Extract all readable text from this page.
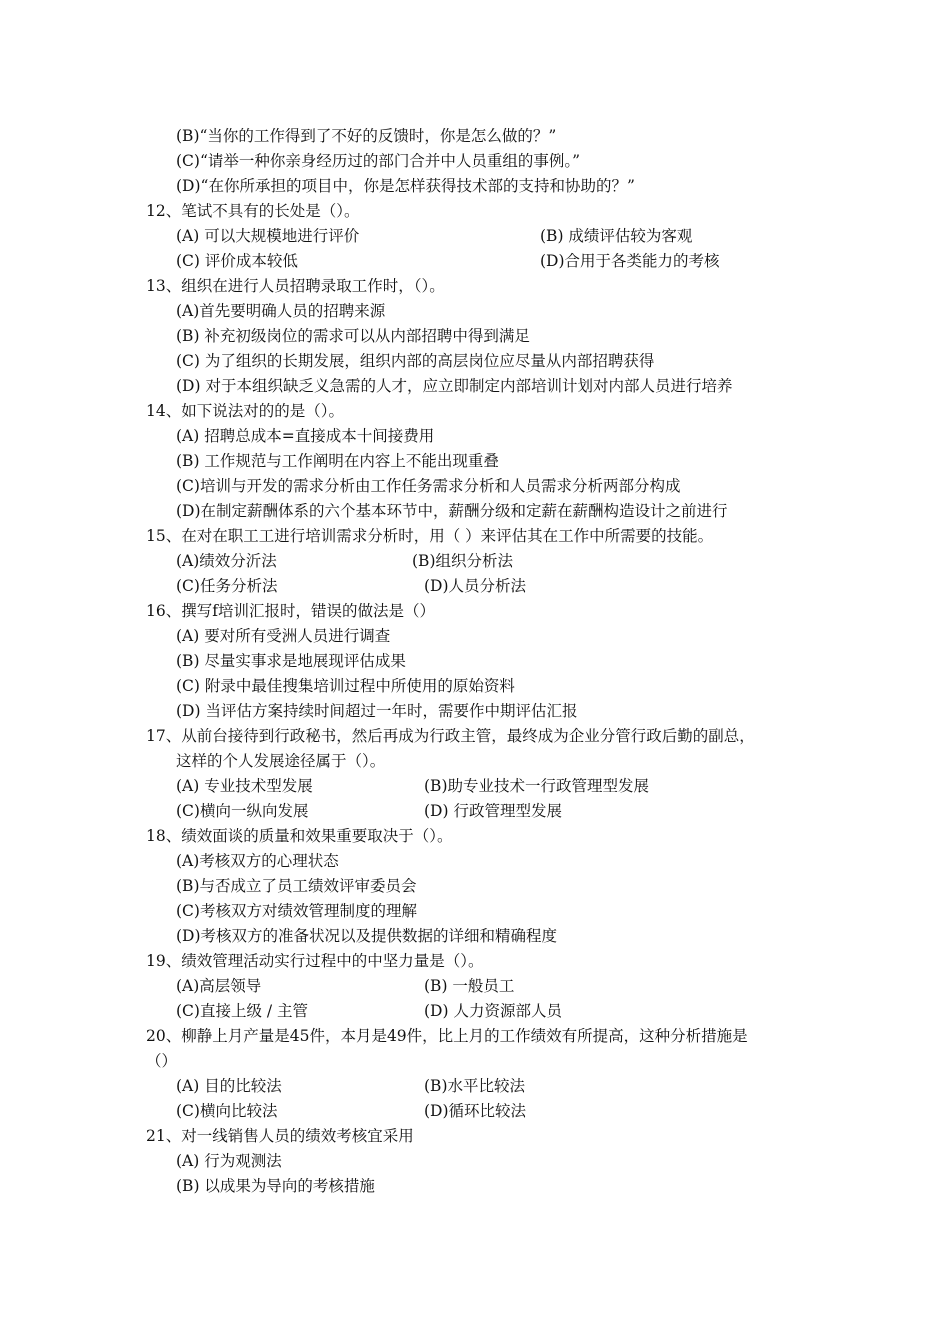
(B)“当你的工作得到了不好的反馈时，你是怎么做的？”
(C)“请举一种你亲身经历过的部门合并中人员重组的事例。”
(D)“在你所承担的项目中，你是怎样获得技术部的支持和协助的？”
12、笔试不具有的长处是（）。
(A) 可以大规模地进行评价	(B) 成绩评估较为客观
(C) 评价成本较低	(D)合用于各类能力的考核
13、组织在进行人员招聘录取工作时，（）。
(A)首先要明确人员的招聘来源
(B) 补充初级岗位的需求可以从内部招聘中得到满足
(C) 为了组织的长期发展，组织内部的高层岗位应尽量从内部招聘获得
(D) 对于本组织缺乏义急需的人才，应立即制定内部培训计划对内部人员进行培养
14、如下说法对的的是（）。
(A) 招聘总成本=直接成本十间接费用
(B) 工作规范与工作阐明在内容上不能出现重叠
(C)培训与开发的需求分析由工作任务需求分析和人员需求分析两部分构成
(D)在制定薪酬体系的六个基本环节中，薪酬分级和定薪在薪酬构造设计之前进行
15、在对在职工工进行培训需求分析时，用（ ）来评估其在工作中所需要的技能。
(A)绩效分沂法	(B)组织分析法
(C)任务分析法	(D)人员分析法
16、撰写f培训汇报时，错误的做法是（）
(A) 要对所有受洲人员进行调查
(B) 尽量实事求是地展现评估成果
(C) 附录中最佳搜集培训过程中所使用的原始资料
(D) 当评估方案持续时间超过一年时，需要作中期评估汇报
17、从前台接待到行政秘书，然后再成为行政主管，最终成为企业分管行政后勤的副总，
这样的个人发展途径属于（）。
(A) 专业技术型发展	(B)助专业技术一行政管理型发展
(C)横向一纵向发展	(D) 行政管理型发展
18、绩效面谈的质量和效果重要取决于（）。
(A)考核双方的心理状态
(B)与否成立了员工绩效评审委员会
(C)考核双方对绩效管理制度的理解
(D)考核双方的准备状况以及提供数据的详细和精确程度
19、绩效管理活动实行过程中的中坚力量是（）。
(A)高层领导	(B) 一般员工
(C)直接上级 / 主管	(D) 人力资源部人员
20、柳静上月产量是45件，本月是49件，比上月的工作绩效有所提高，这种分析措施是
（）
(A) 目的比较法	(B)水平比较法
(C)横向比较法	(D)循环比较法
21、对一线销售人员的绩效考核宜采用
(A) 行为观测法
(B) 以成果为导向的考核措施
